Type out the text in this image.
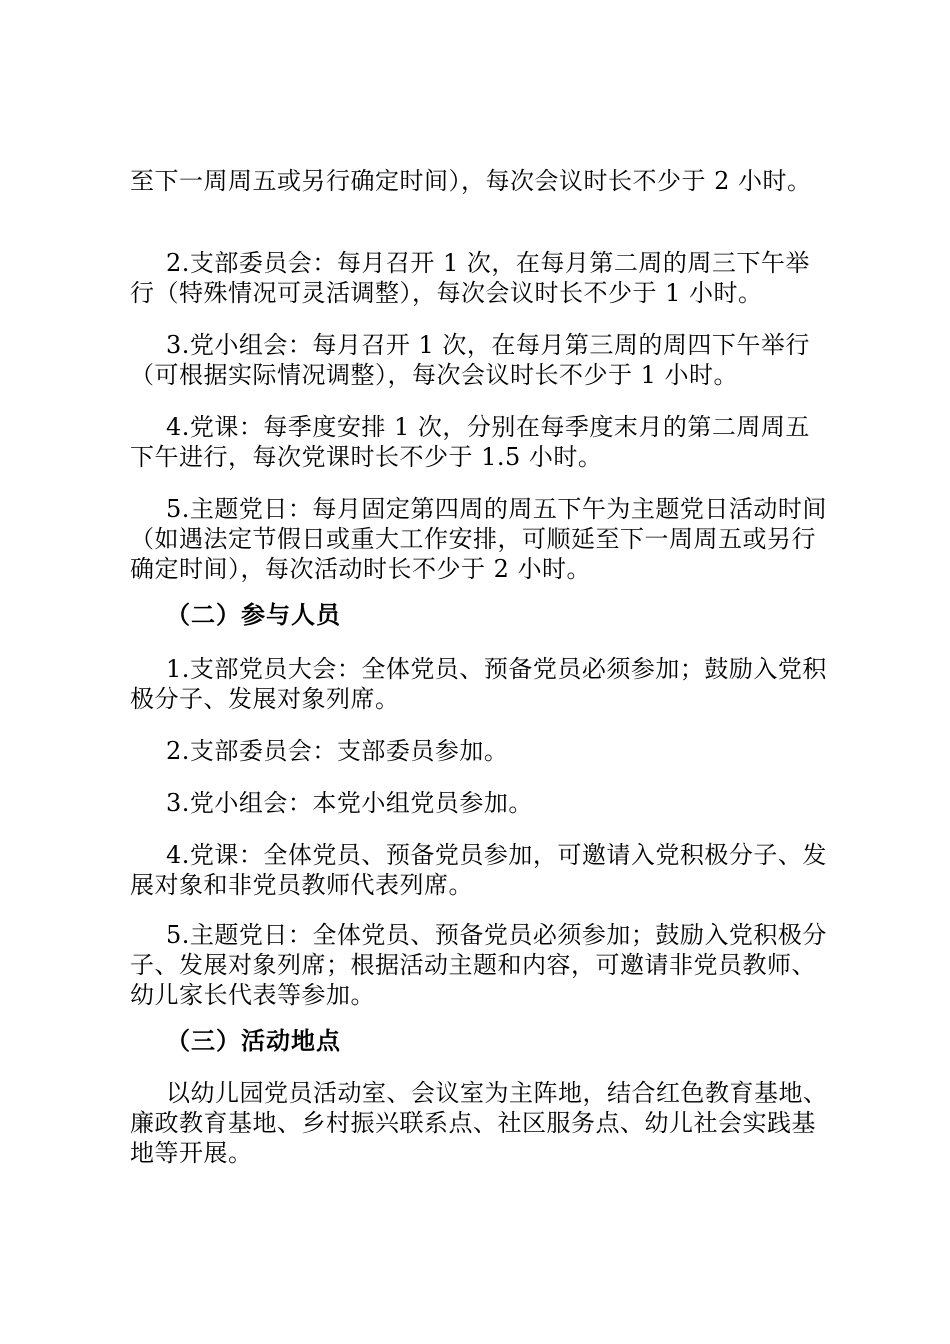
至下一周周五或另行确定时间），每次会议时长不少于 2 小时。

2.支部委员会：每月召开 1 次，在每月第二周的周三下午举行（特殊情况可灵活调整），每次会议时长不少于 1 小时。

3.党小组会：每月召开 1 次，在每月第三周的周四下午举行（可根据实际情况调整），每次会议时长不少于 1 小时。

4.党课：每季度安排 1 次，分别在每季度末月的第二周周五下午进行，每次党课时长不少于 1.5 小时。

5.主题党日：每月固定第四周的周五下午为主题党日活动时间（如遇法定节假日或重大工作安排，可顺延至下一周周五或另行确定时间），每次活动时长不少于 2 小时。

（二）参与人员

1.支部党员大会：全体党员、预备党员必须参加；鼓励入党积极分子、发展对象列席。

2.支部委员会：支部委员参加。

3.党小组会：本党小组党员参加。

4.党课：全体党员、预备党员参加，可邀请入党积极分子、发展对象和非党员教师代表列席。

5.主题党日：全体党员、预备党员必须参加；鼓励入党积极分子、发展对象列席；根据活动主题和内容，可邀请非党员教师、幼儿家长代表等参加。

（三）活动地点

以幼儿园党员活动室、会议室为主阵地，结合红色教育基地、廉政教育基地、乡村振兴联系点、社区服务点、幼儿社会实践基地等开展。
